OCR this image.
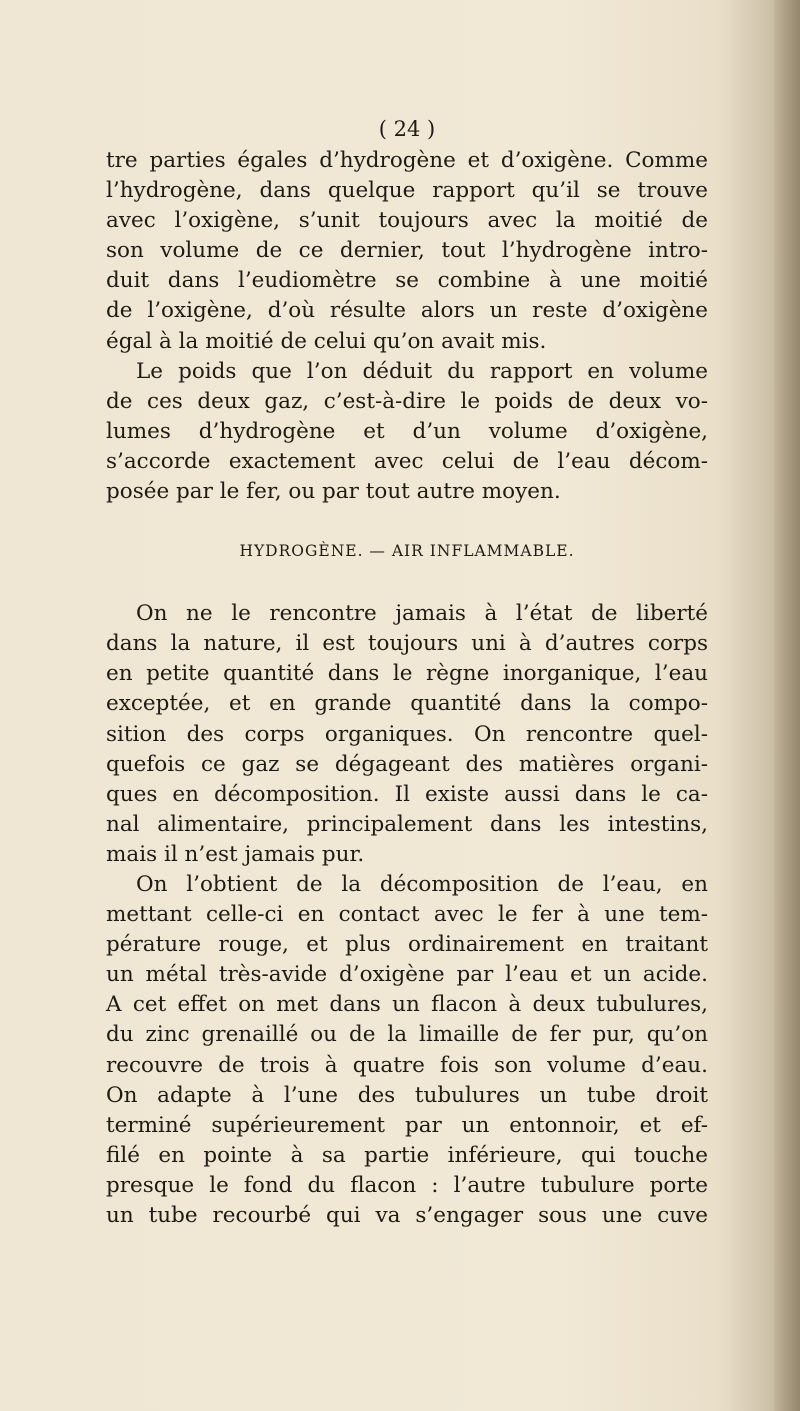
( 24 )
tre parties égales d’hydrogène et d’oxigène. Comme
l’hydrogène, dans quelque rapport qu’il se trouve
avec l’oxigène, s’unit toujours avec la moitié de
son volume de ce dernier, tout l’hydrogène intro-
duit dans l’eudiomètre se combine à une moitié
de l’oxigène, d’où résulte alors un reste d’oxigène
égal à la moitié de celui qu’on avait mis.
Le poids que l’on déduit du rapport en volume
de ces deux gaz, c’est-à-dire le poids de deux vo-
lumes d’hydrogène et d’un volume d’oxigène,
s’accorde exactement avec celui de l’eau décom-
posée par le fer, ou par tout autre moyen.
HYDROGÈNE. — AIR INFLAMMABLE.
On ne le rencontre jamais à l’état de liberté
dans la nature, il est toujours uni à d’autres corps
en petite quantité dans le règne inorganique, l’eau
exceptée, et en grande quantité dans la compo-
sition des corps organiques. On rencontre quel-
quefois ce gaz se dégageant des matières organi-
ques en décomposition. Il existe aussi dans le ca-
nal alimentaire, principalement dans les intestins,
mais il n’est jamais pur.
On l’obtient de la décomposition de l’eau, en
mettant celle-ci en contact avec le fer à une tem-
pérature rouge, et plus ordinairement en traitant
un métal très-avide d’oxigène par l’eau et un acide.
A cet effet on met dans un flacon à deux tubulures,
du zinc grenaillé ou de la limaille de fer pur, qu’on
recouvre de trois à quatre fois son volume d’eau.
On adapte à l’une des tubulures un tube droit
terminé supérieurement par un entonnoir, et ef-
filé en pointe à sa partie inférieure, qui touche
presque le fond du flacon : l’autre tubulure porte
un tube recourbé qui va s’engager sous une cuve
